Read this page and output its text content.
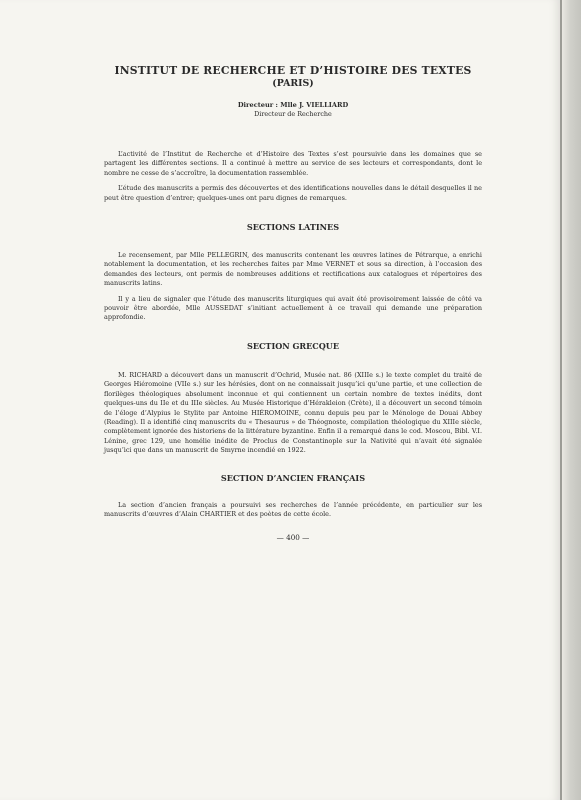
INSTITUT DE RECHERCHE ET D’HISTOIRE DES TEXTES
(PARIS)
Directeur : Mlle J. VIELLIARD
Directeur de Recherche

L’activité de l’Institut de Recherche et d’Histoire des Textes s’est poursuivie dans les domaines que se partagent les différentes sections. Il a continué à mettre au service de ses lecteurs et correspondants, dont le nombre ne cesse de s’accroître, la documentation rassemblée.

L’étude des manuscrits a permis des découvertes et des identifications nouvelles dans le détail desquelles il ne peut être question d’entrer; quelques-unes ont paru dignes de remarques.

SECTIONS LATINES

Le recensement, par Mlle PELLEGRIN, des manuscrits contenant les œuvres latines de Pétrarque, a enrichi notablement la documentation, et les recherches faites par Mme VERNET et sous sa direction, à l’occasion des demandes des lecteurs, ont permis de nombreuses additions et rectifications aux catalogues et répertoires des manuscrits latins.

Il y a lieu de signaler que l’étude des manuscrits liturgiques qui avait été provisoirement laissée de côté va pouvoir être abordée, Mlle AUSSEDAT s’initiant actuellement à ce travail qui demande une préparation approfondie.

SECTION GRECQUE

M. RICHARD a découvert dans un manuscrit d’Ochrid, Musée nat. 86 (XIIIe s.) le texte complet du traité de Georges Hiéromoine (VIIe s.) sur les hérésies, dont on ne connaissait jusqu’ici qu’une partie, et une collection de florilèges théologiques absolument inconnue et qui contiennent un certain nombre de textes inédits, dont quelques-uns du IIe et du IIIe siècles. Au Musée Historique d’Hérakleion (Crète), il a découvert un second témoin de l’éloge d’Alypius le Stylite par Antoine HIÉROMOINE, connu depuis peu par le Ménologe de Douai Abbey (Reading). Il a identifié cinq manuscrits du « Thesaurus » de Théognoste, compilation théologique du XIIIe siècle, complètement ignorée des historiens de la littérature byzantine. Enfin il a remarqué dans le cod. Moscou, Bibl. V.I. Lénine, grec 129, une homélie inédite de Proclus de Constantinople sur la Nativité qui n’avait été signalée jusqu’ici que dans un manuscrit de Smyrne incendié en 1922.

SECTION D’ANCIEN FRANÇAIS

La section d’ancien français a poursuivi ses recherches de l’année précédente, en particulier sur les manuscrits d’œuvres d’Alain CHARTIER et des poètes de cette école.

— 400 —
